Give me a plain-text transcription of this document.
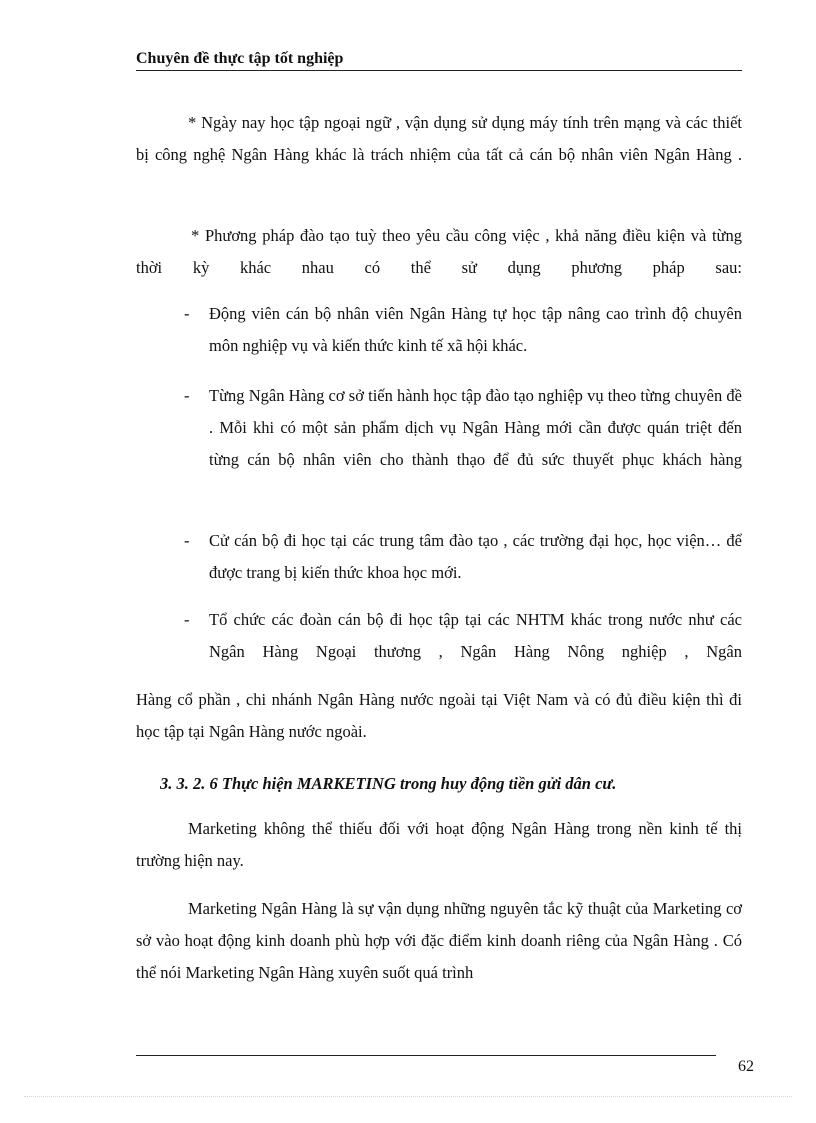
Chuyên đề thực tập tốt nghiệp

* Ngày nay học tập ngoại ngữ , vận dụng sử dụng máy tính trên mạng và các thiết bị công nghệ Ngân Hàng khác là trách nhiệm của tất cả cán bộ nhân viên Ngân Hàng .

* Phương pháp đào tạo tuỳ theo yêu cầu công việc , khả năng điều kiện và từng thời kỳ khác nhau có thể sử dụng phương pháp sau:

-	Động viên cán bộ nhân viên Ngân Hàng tự học tập nâng cao trình độ chuyên môn nghiệp vụ và kiến thức kinh tế xã hội khác.
-	Từng Ngân Hàng cơ sở tiến hành học tập đào tạo nghiệp vụ theo từng chuyên đề . Mỗi khi có một sản phẩm dịch vụ Ngân Hàng mới cần được quán triệt đến từng cán bộ nhân viên cho thành thạo để đủ sức thuyết phục khách hàng
-	Cử cán bộ đi học tại các trung tâm đào tạo , các trường đại học, học viện… để được trang bị kiến thức khoa học mới.
-	Tổ chức các đoàn cán bộ đi học tập tại các NHTM khác trong nước như các Ngân Hàng Ngoại thương , Ngân Hàng Nông nghiệp , Ngân

Hàng cổ phần , chi nhánh Ngân Hàng nước ngoài tại Việt Nam và có đủ điều kiện thì đi học tập tại Ngân Hàng nước ngoài.

3. 3. 2. 6 Thực hiện MARKETING trong huy động tiền gửi dân cư.

Marketing không thể thiếu đối với hoạt động Ngân Hàng trong nền kinh tế thị trường hiện nay.

Marketing Ngân Hàng là sự vận dụng những nguyên tắc kỹ thuật của Marketing cơ sở vào hoạt động kinh doanh phù hợp với đặc điểm kinh doanh riêng của Ngân Hàng . Có thể nói Marketing Ngân Hàng xuyên suốt quá trình

62
